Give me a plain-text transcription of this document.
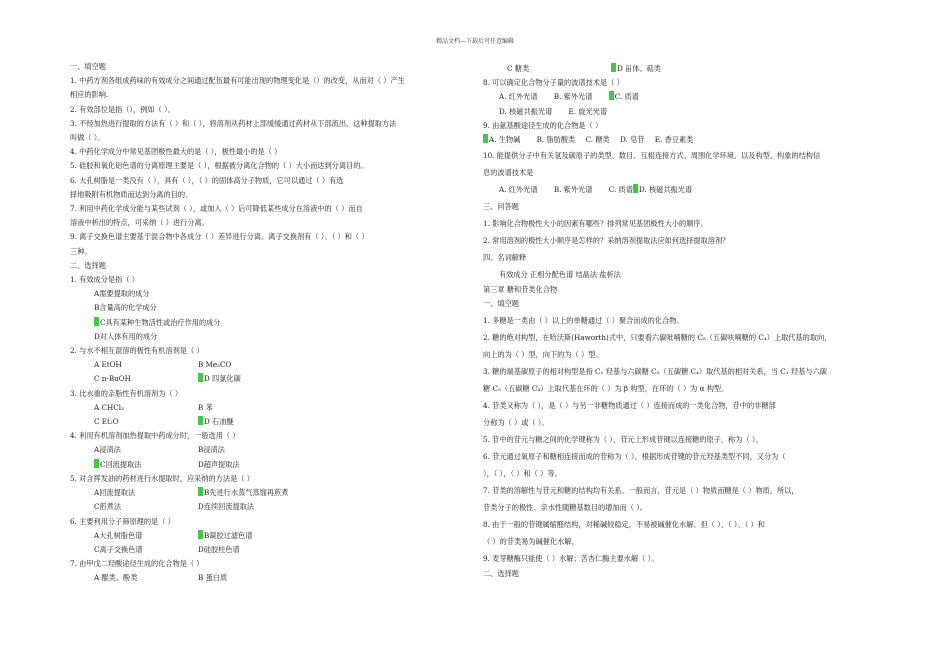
精品文档---下载后可任意编辑
一、填空题
1. 中药方剂各组成药味的有效成分之间通过配伍最有可能出现的物理变化是（）的改变，从而对（ ）产生
相应的影响.
2. 有效部位是指（），例如（ ）。
3. 不经加热进行提取的方法有（ ）和（ ），将溶剂从药材上部缓缓通过药材从下部流出，这种提取方法
叫做（ ）。
4. 中药化学成分中常见基团极性最大的是（ ），极性最小的是（ ）
5. 硅胶和氧化铝色谱的分离原理主要是（ ），根据被分离化合物的（ ）大小而达到分离目的。
6. 大孔树脂是一类没有（ ），具有（ ），（ ）的固体高分子物质，它可以通过（ ）有选
择地吸附有机物质而达到分离的目的。
7. 利用中药化学成分能与某些试剂（ ），或加入（ ）后可降低某些成分在溶液中的（ ）而自
溶液中析出的特点，可采纳（ ）进行分离。
9. 离子交换色谱主要基于混合物中各成分（ ）差异进行分离。离子交换剂有（ ）、（ ）和（ ）
三种。
二、选择题
1. 有效成分是指（ ）
A需要提取的成分
B含量高的化学成分
C具有某种生物活性或治疗作用的成分
D对人体有用的成分
2. 与水不相互混溶的极性有机溶剂是（ ）
A EtOH	B Me₂CO
C n-BuOH	D 四氯化碳
3. 比水重的亲脂性有机溶剂为（ ）
A CHCl₃	B 苯
C Et₂O	D 石油醚
4. 利用有机溶剂加热提取中药成分时，一般选用（ ）
A浸渍法	B浸渍法
C回流提取法	D超声提取法
5. 对含挥发油的药材进行水提取时，应采纳的方法是（ ）
A回流提取法	B先进行水蒸气蒸馏再煎煮
C煎煮法	D连续回流提取法
6. 主要利用分子筛原理的是（ ）
A大孔树脂色谱	B凝胶过滤色谱
C离子交换色谱	D硅胶柱色谱
7. 由甲戊二羟酸途径生成的化合物是（ ）
A 醌类、酚类	B 蛋白质
C 糖类	D 甾体、萜类
8. 可以确定化合物分子量的波谱技术是（ ）
A. 红外光谱 B. 紫外光谱	C. 质谱
D. 核磁共振光谱 E. 旋光光谱
9. 由氨基酸途径生成的化合物是（ ）
A. 生物碱 B. 脂肪酸类 C. 糖类 D. 皂苷 E. 香豆素类
10. 能提供分子中有关氢及碳原子的类型、数目、互相连接方式、周围化学环境、以及构型、构象的结构信
息的波谱技术是
A. 红外光谱 B. 紫外光谱 C. 质谱 D. 核磁共振光谱
三、问答题
1. 影响化合物极性大小的因素有哪些？排列常见基团极性大小的顺序。
2. 常用溶剂的极性大小顺序是怎样的？采纳溶剂提取法应如何选择提取溶剂？
四、名词解释
有效成分 正相分配色谱 结晶法 盐析法
第三章 糖和苷类化合物
一、填空题
1. 多糖是一类由（ ）以上的单糖通过（ ）聚合而成的化合物。
2. 糖的绝对构型，在哈沃斯(Haworth)式中，只要看六碳吡喃糖的 C₅（五碳呋喃糖的 C₄）上取代基的取向，
向上的为（ ）型，向下的为（ ）型。
3. 糖的端基碳原子的相对构型是指 C₁ 羟基与六碳糖 C₅（五碳糖 C₄）取代基的相对关系，当 C₁ 羟基与六碳
糖 C₅（五碳糖 C₄）上取代基在环的（ ）为 β 构型，在环的（ ）为 α 构型。
4. 苷类又称为（ ），是（ ）与另一非糖物质通过（ ）连接而成的一类化合物，苷中的非糖部
分称为（ ）或（ ）。
5. 苷中的苷元与糖之间的化学键称为（ ），苷元上形成苷键以连接糖的原子，称为（ ）。
6. 苷元通过氧原子和糖相连接而成的苷称为（ ），根据形成苷键的苷元羟基类型不同，又分为（
），（ ），（ ）和（ ）等。
7. 苷类的溶解性与苷元和糖的结构均有关系。一般而言，苷元是（ ）物质而糖是（ ）物质，所以，
苷类分子的极性、亲水性随糖基数目的增加而（ ）。
8. 由于一般的苷键属缩醛结构，对稀碱较稳定，不易被碱催化水解。但（ ）、（ ）、（ ）和
（ ）的苷类易为碱催化水解。
9. 麦芽糖酶只能使（ ）水解；苦杏仁酶主要水解（ ）。
二、选择题
